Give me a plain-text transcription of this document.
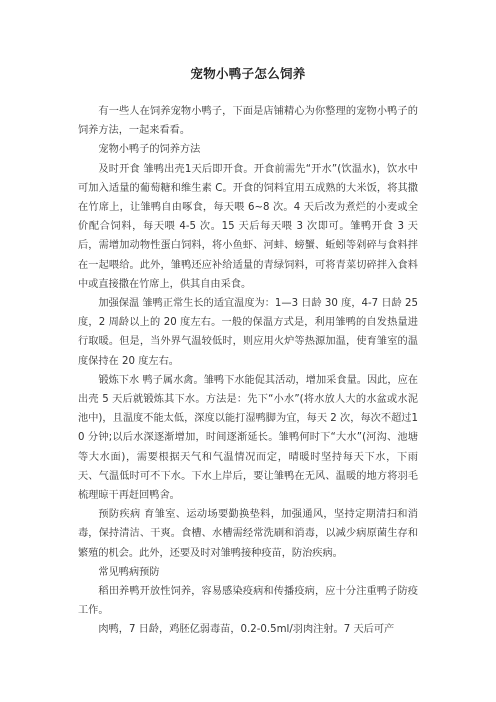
宠物小鸭子怎么饲养

有一些人在饲养宠物小鸭子，下面是店铺精心为你整理的宠物小鸭子的饲养方法，一起来看看。

宠物小鸭子的饲养方法

及时开食 雏鸭出壳1天后即开食。开食前需先“开水”(饮温水)，饮水中可加入适量的葡萄糖和维生素 C。开食的饲料宜用五成熟的大米饭，将其撒在竹席上，让雏鸭自由啄食，每天喂 6~8 次。4 天后改为煮烂的小麦或全价配合饲料，每天喂 4-5 次。15 天后每天喂 3 次即可。雏鸭开食 3 天后，需增加动物性蛋白饲料，将小鱼虾、河蚌、螃蟹、蚯蚓等剁碎与食料拌在一起喂给。此外，雏鸭还应补给适量的青绿饲料，可将青菜切碎拌入食料中或直接撒在竹席上，供其自由采食。

加强保温 雏鸭正常生长的适宜温度为：1—3 日龄 30 度，4-7 日龄 25 度，2 周龄以上的 20 度左右。一般的保温方式是，利用雏鸭的自发热量进行取暖。但是，当外界气温较低时，则应用火炉等热源加温，使育雏室的温度保持在 20 度左右。

锻炼下水 鸭子属水禽。雏鸭下水能促其活动，增加采食量。因此，应在出壳 5 天后就锻炼其下水。方法是：先下“小水”(将水放人大的水盆或水泥池中)，且温度不能太低，深度以能打湿鸭脚为宜，每天 2 次，每次不超过10 分钟;以后水深逐渐增加，时间逐渐延长。雏鸭何时下“大水”(河沟、池塘等大水面)，需要根据天气和气温情况而定，晴暖时坚持每天下水，下雨天、气温低时可不下水。下水上岸后，要让雏鸭在无风、温暖的地方将羽毛梳理晾干再赶回鸭舍。

预防疾病 育雏室、运动场要勤换垫料，加强通风，坚持定期清扫和消毒，保持清洁、干爽。食槽、水槽需经常洗刷和消毒，以减少病原菌生存和繁殖的机会。此外，还要及时对雏鸭接种疫苗，防治疾病。

常见鸭病预防

稻田养鸭开放性饲养，容易感染疫病和传播疫病，应十分注重鸭子防疫工作。

肉鸭，7 日龄，鸡胚亿弱毒苗，0.2-0.5ml/羽肉注射。7 天后可产
